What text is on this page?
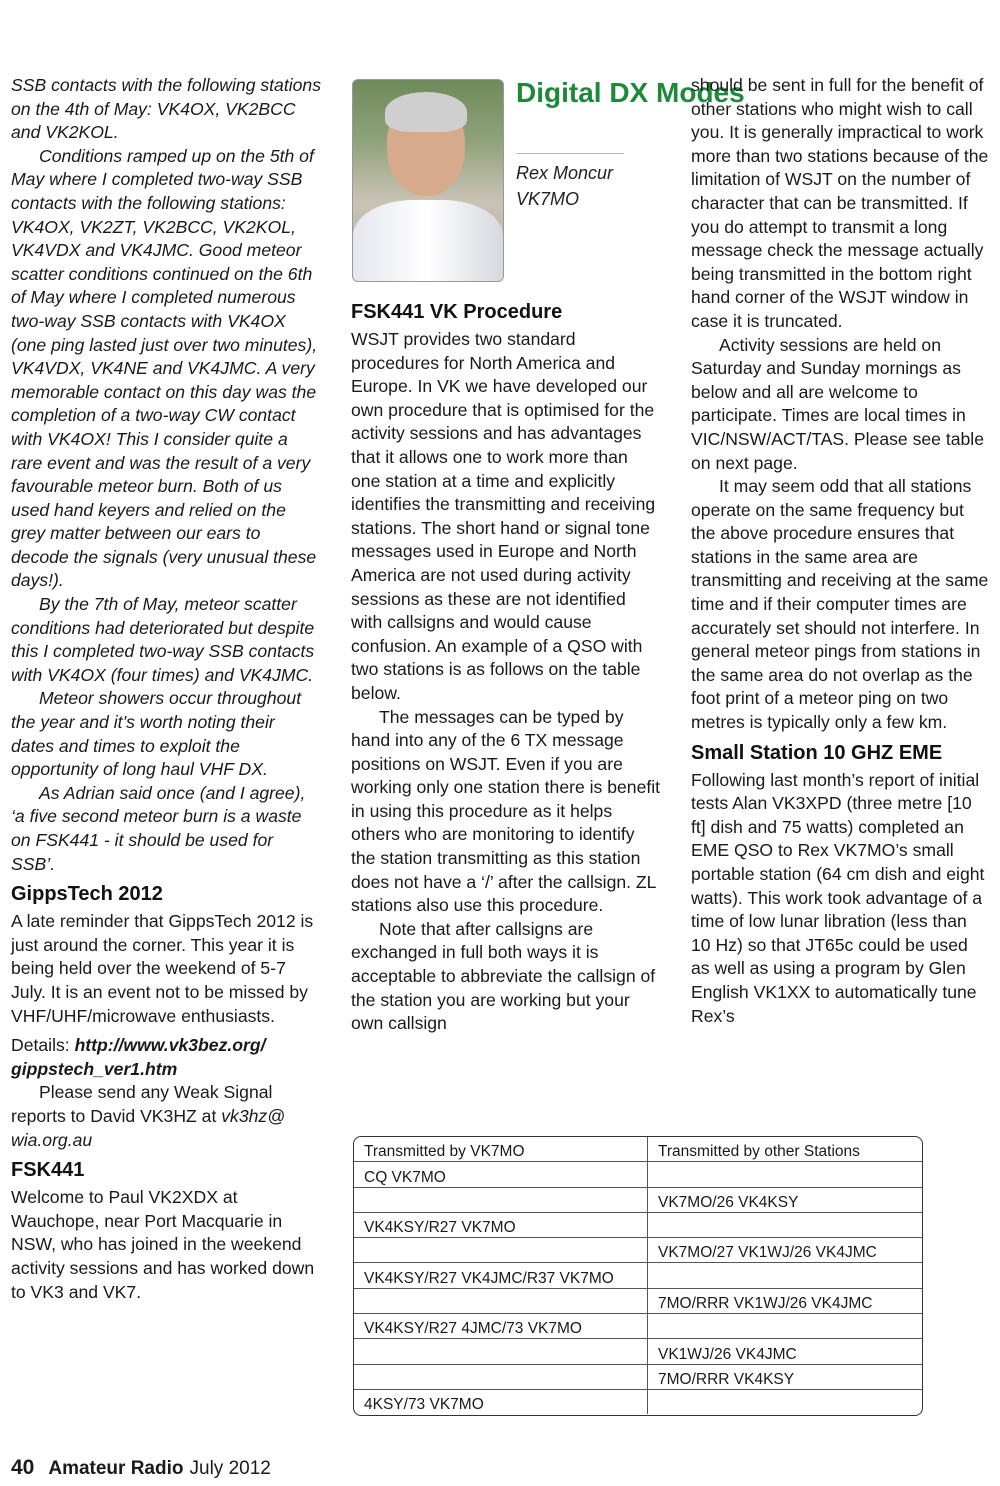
SSB contacts with the following stations on the 4th of May: VK4OX, VK2BCC and VK2KOL.

Conditions ramped up on the 5th of May where I completed two-way SSB contacts with the following stations: VK4OX, VK2ZT, VK2BCC, VK2KOL, VK4VDX and VK4JMC. Good meteor scatter conditions continued on the 6th of May where I completed numerous two-way SSB contacts with VK4OX (one ping lasted just over two minutes), VK4VDX, VK4NE and VK4JMC. A very memorable contact on this day was the completion of a two-way CW contact with VK4OX! This I consider quite a rare event and was the result of a very favourable meteor burn. Both of us used hand keyers and relied on the grey matter between our ears to decode the signals (very unusual these days!).

By the 7th of May, meteor scatter conditions had deteriorated but despite this I completed two-way SSB contacts with VK4OX (four times) and VK4JMC.

Meteor showers occur throughout the year and it’s worth noting their dates and times to exploit the opportunity of long haul VHF DX.

As Adrian said once (and I agree), ‘a five second meteor burn is a waste on FSK441 - it should be used for SSB’.

GippsTech 2012

A late reminder that GippsTech 2012 is just around the corner. This year it is being held over the weekend of 5-7 July. It is an event not to be missed by VHF/UHF/microwave enthusiasts.

Details: http://www.vk3bez.org/ gippstech_ver1.htm

Please send any Weak Signal reports to David VK3HZ at vk3hz@ wia.org.au

FSK441

Welcome to Paul VK2XDX at Wauchope, near Port Macquarie in NSW, who has joined in the weekend activity sessions and has worked down to VK3 and VK7.

Digital DX Modes
Rex Moncur
VK7MO
FSK441 VK Procedure

WSJT provides two standard procedures for North America and Europe. In VK we have developed our own procedure that is optimised for the activity sessions and has advantages that it allows one to work more than one station at a time and explicitly identifies the transmitting and receiving stations. The short hand or signal tone messages used in Europe and North America are not used during activity sessions as these are not identified with callsigns and would cause confusion. An example of a QSO with two stations is as follows on the table below.

The messages can be typed by hand into any of the 6 TX message positions on WSJT. Even if you are working only one station there is benefit in using this procedure as it helps others who are monitoring to identify the station transmitting as this station does not have a ‘/’ after the callsign. ZL stations also use this procedure.

Note that after callsigns are exchanged in full both ways it is acceptable to abbreviate the callsign of the station you are working but your own callsign

should be sent in full for the benefit of other stations who might wish to call you. It is generally impractical to work more than two stations because of the limitation of WSJT on the number of character that can be transmitted. If you do attempt to transmit a long message check the message actually being transmitted in the bottom right hand corner of the WSJT window in case it is truncated.

Activity sessions are held on Saturday and Sunday mornings as below and all are welcome to participate. Times are local times in VIC/NSW/ACT/TAS. Please see table on next page.

It may seem odd that all stations operate on the same frequency but the above procedure ensures that stations in the same area are transmitting and receiving at the same time and if their computer times are accurately set should not interfere. In general meteor pings from stations in the same area do not overlap as the foot print of a meteor ping on two metres is typically only a few km.

Small Station 10 GHZ EME

Following last month’s report of initial tests Alan VK3XPD (three metre [10 ft] dish and 75 watts) completed an EME QSO to Rex VK7MO’s small portable station (64 cm dish and eight watts). This work took advantage of a time of low lunar libration (less than 10 Hz) so that JT65c could be used as well as using a program by Glen English VK1XX to automatically tune Rex’s

Transmitted by VK7MO	Transmitted by other Stations
CQ VK7MO	
	VK7MO/26 VK4KSY
VK4KSY/R27 VK7MO	
	VK7MO/27 VK1WJ/26 VK4JMC
VK4KSY/R27 VK4JMC/R37 VK7MO	
	7MO/RRR VK1WJ/26 VK4JMC
VK4KSY/R27 4JMC/73 VK7MO	
	VK1WJ/26 VK4JMC
	7MO/RRR VK4KSY
4KSY/73 VK7MO	
40 Amateur Radio July 2012
